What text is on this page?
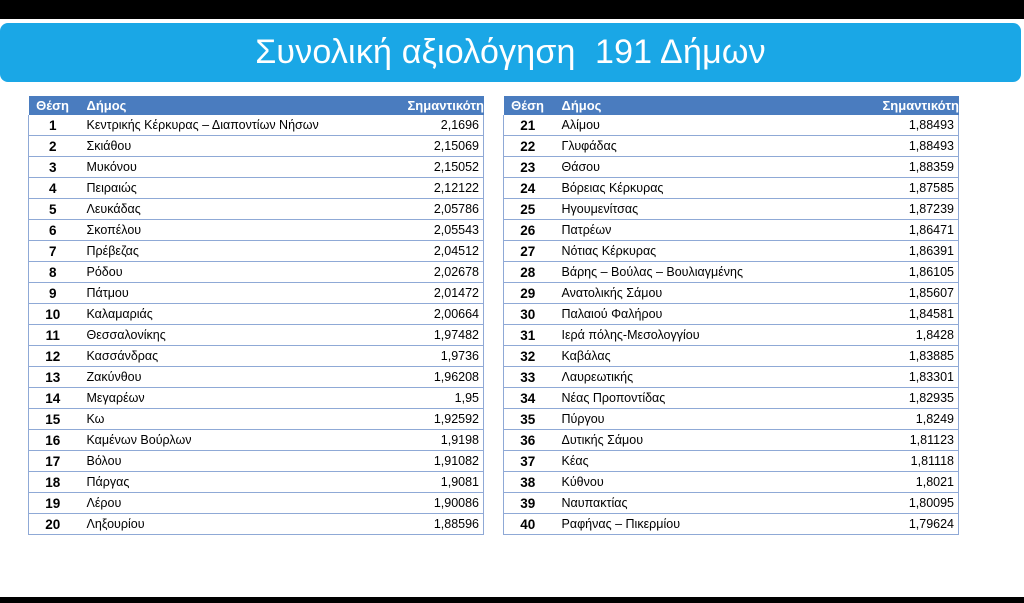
Συνολική αξιολόγηση  191 Δήμων
Θέση	Δήμος	Σημαντικότητα
1	Κεντρικής Κέρκυρας – Διαποντίων Νήσων	2,1696
2	Σκιάθου	2,15069
3	Μυκόνου	2,15052
4	Πειραιώς	2,12122
5	Λευκάδας	2,05786
6	Σκοπέλου	2,05543
7	Πρέβεζας	2,04512
8	Ρόδου	2,02678
9	Πάτμου	2,01472
10	Καλαμαριάς	2,00664
11	Θεσσαλονίκης	1,97482
12	Κασσάνδρας	1,9736
13	Ζακύνθου	1,96208
14	Μεγαρέων	1,95
15	Κω	1,92592
16	Καμένων Βούρλων	1,9198
17	Βόλου	1,91082
18	Πάργας	1,9081
19	Λέρου	1,90086
20	Ληξουρίου	1,88596
Θέση	Δήμος	Σημαντικότητα
21	Αλίμου	1,88493
22	Γλυφάδας	1,88493
23	Θάσου	1,88359
24	Βόρειας Κέρκυρας	1,87585
25	Ηγουμενίτσας	1,87239
26	Πατρέων	1,86471
27	Νότιας Κέρκυρας	1,86391
28	Βάρης – Βούλας – Βουλιαγμένης	1,86105
29	Ανατολικής Σάμου	1,85607
30	Παλαιού Φαλήρου	1,84581
31	Ιερά πόλης-Μεσολογγίου	1,8428
32	Καβάλας	1,83885
33	Λαυρεωτικής	1,83301
34	Νέας Προποντίδας	1,82935
35	Πύργου	1,8249
36	Δυτικής Σάμου	1,81123
37	Κέας	1,81118
38	Κύθνου	1,8021
39	Ναυπακτίας	1,80095
40	Ραφήνας – Πικερμίου	1,79624
